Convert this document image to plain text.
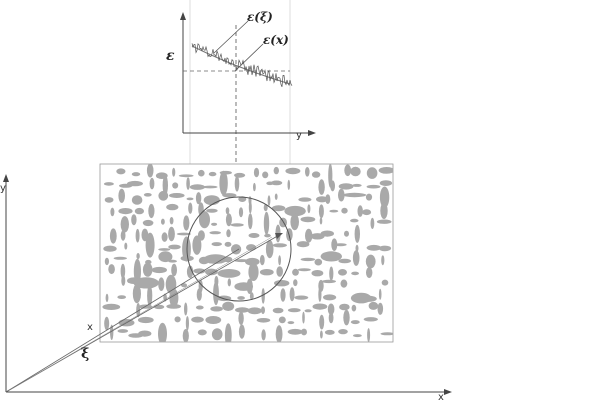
ε
y
ε(ξ)
ε(x)
y
x
x
ξ
